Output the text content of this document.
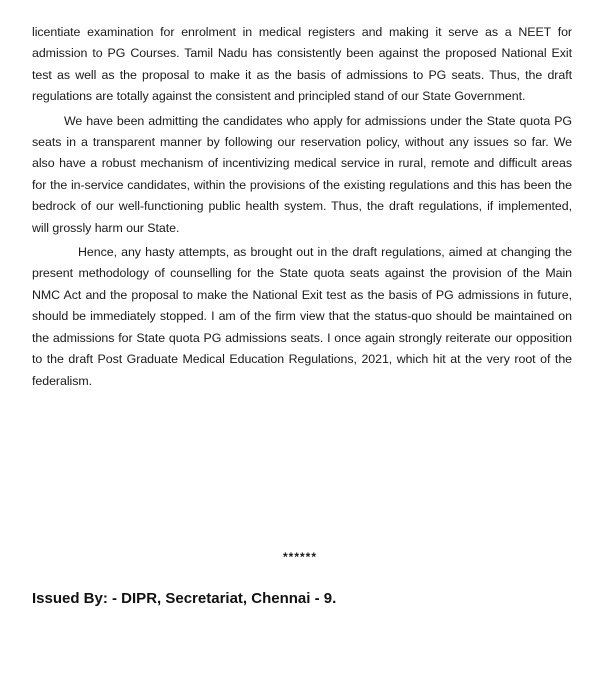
licentiate examination for enrolment in medical registers and making it serve as a NEET for admission to PG Courses. Tamil Nadu has consistently been against the proposed National Exit test as well as the proposal to make it as the basis of admissions to PG seats. Thus, the draft regulations are totally against the consistent and principled stand of our State Government.

We have been admitting the candidates who apply for admissions under the State quota PG seats in a transparent manner by following our reservation policy, without any issues so far. We also have a robust mechanism of incentivizing medical service in rural, remote and difficult areas for the in-service candidates, within the provisions of the existing regulations and this has been the bedrock of our well-functioning public health system. Thus, the draft regulations, if implemented, will grossly harm our State.

Hence, any hasty attempts, as brought out in the draft regulations, aimed at changing the present methodology of counselling for the State quota seats against the provision of the Main NMC Act and the proposal to make the National Exit test as the basis of PG admissions in future, should be immediately stopped. I am of the firm view that the status-quo should be maintained on the admissions for State quota PG admissions seats. I once again strongly reiterate our opposition to the draft Post Graduate Medical Education Regulations, 2021, which hit at the very root of the federalism.

******
Issued By: - DIPR, Secretariat, Chennai - 9.
